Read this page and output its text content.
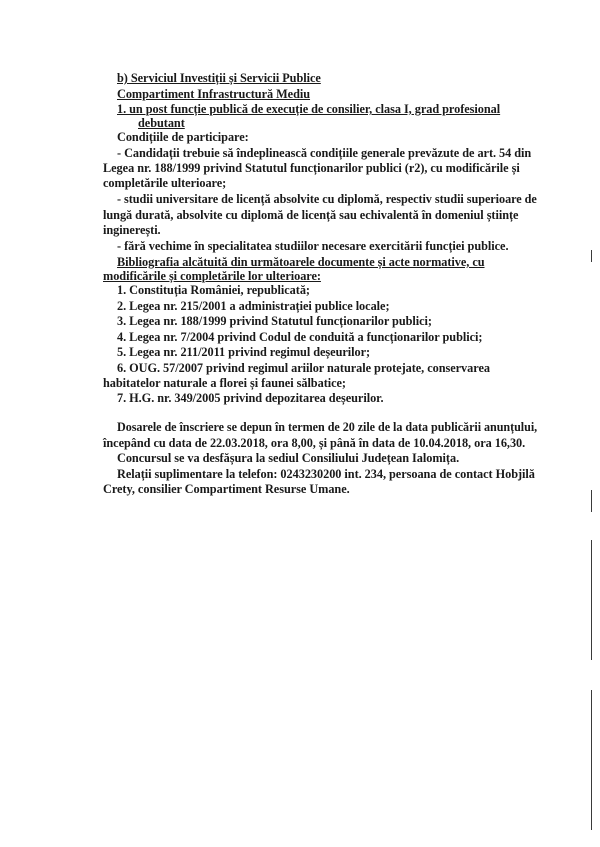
b) Serviciul Investiții și Servicii Publice
Compartiment Infrastructură Mediu
1. un post funcție publică de execuție de consilier, clasa I, grad profesional
debutant
Condițiile de participare:
- Candidații trebuie să îndeplinească condițiile generale prevăzute de art. 54 din
Legea nr. 188/1999 privind Statutul funcționarilor publici (r2), cu modificările și
completările ulterioare;
- studii universitare de licență absolvite cu diplomă, respectiv studii superioare de
lungă durată, absolvite cu diplomă de licență sau echivalentă în domeniul științe
inginerești.
- fără vechime în specialitatea studiilor necesare exercitării funcției publice.
Bibliografia alcătuită din următoarele documente și acte normative, cu
modificările și completările lor ulterioare:
1. Constituția României, republicată;
2. Legea nr. 215/2001 a administrației publice locale;
3. Legea nr. 188/1999 privind Statutul funcționarilor publici;
4. Legea nr. 7/2004 privind Codul de conduită a funcționarilor publici;
5. Legea nr. 211/2011 privind regimul deșeurilor;
6. OUG. 57/2007 privind regimul ariilor naturale protejate, conservarea
habitatelor naturale a florei și faunei sălbatice;
7. H.G. nr. 349/2005 privind depozitarea deșeurilor.
Dosarele de înscriere se depun în termen de 20 zile de la data publicării anunțului,
începând cu data de 22.03.2018, ora 8,00, și până în data de 10.04.2018, ora 16,30.
Concursul se va desfășura la sediul Consiliului Județean Ialomița.
Relații suplimentare la telefon: 0243230200 int. 234, persoana de contact Hobjilă
Crety, consilier Compartiment Resurse Umane.
